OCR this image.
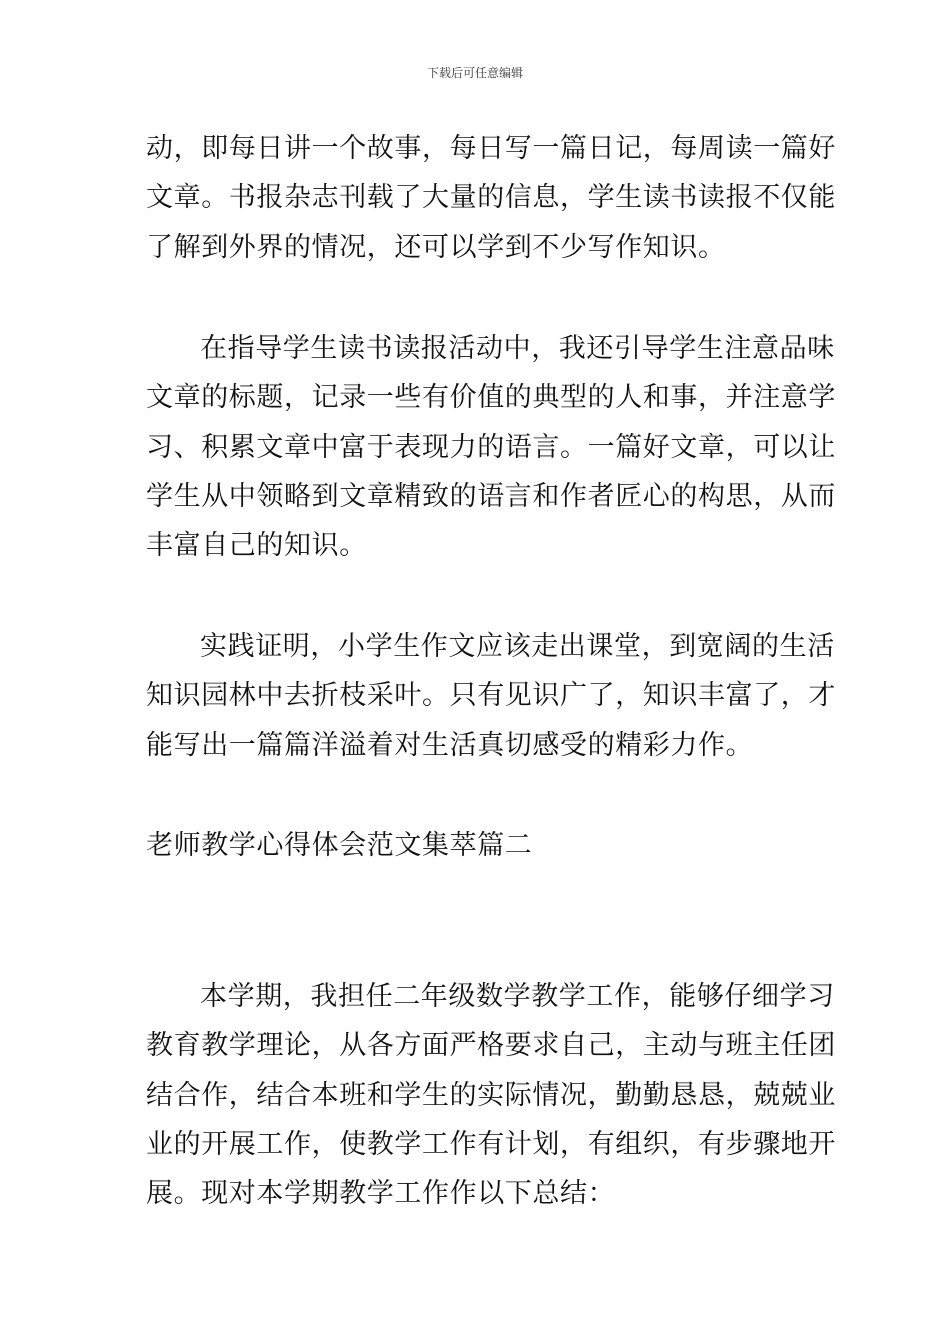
下载后可任意编辑

动，即每日讲一个故事，每日写一篇日记，每周读一篇好
文章。书报杂志刊载了大量的信息，学生读书读报不仅能
了解到外界的情况，还可以学到不少写作知识。

在指导学生读书读报活动中，我还引导学生注意品味
文章的标题，记录一些有价值的典型的人和事，并注意学
习、积累文章中富于表现力的语言。一篇好文章，可以让
学生从中领略到文章精致的语言和作者匠心的构思，从而
丰富自己的知识。

实践证明，小学生作文应该走出课堂，到宽阔的生活
知识园林中去折枝采叶。只有见识广了，知识丰富了，才
能写出一篇篇洋溢着对生活真切感受的精彩力作。

老师教学心得体会范文集萃篇二

本学期，我担任二年级数学教学工作，能够仔细学习
教育教学理论，从各方面严格要求自己，主动与班主任团
结合作，结合本班和学生的实际情况，勤勤恳恳，兢兢业
业的开展工作，使教学工作有计划，有组织，有步骤地开
展。现对本学期教学工作作以下总结：
